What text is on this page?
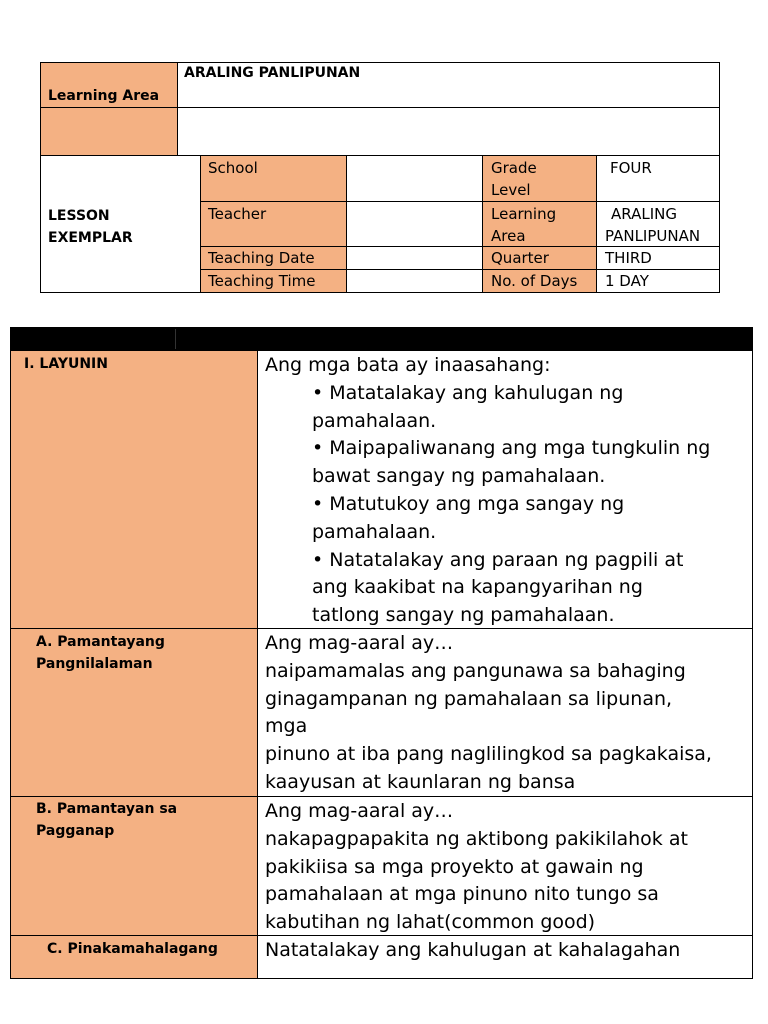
Learning Area
ARALING PANLIPUNAN
LESSON
EXEMPLAR
School
Teacher
Teaching Date
Teaching Time
Grade
Level
Learning
Area
Quarter
No. of Days
FOUR
ARALING
PANLIPUNAN
THIRD
1 DAY
I. LAYUNIN	Ang mga bata ay inaasahang:
• Matatalakay ang kahulugan ng
pamahalaan.
• Maipapaliwanang ang mga tungkulin ng
bawat sangay ng pamahalaan.
• Matutukoy ang mga sangay ng
pamahalaan.
• Natatalakay ang paraan ng pagpili at
ang kaakibat na kapangyarihan ng
tatlong sangay ng pamahalaan.
A. Pamantayang
Pangnilalaman
Ang mag-aaral ay…
naipamamalas ang pangunawa sa bahaging
ginagampanan ng pamahalaan sa lipunan,
mga
pinuno at iba pang naglilingkod sa pagkakaisa,
kaayusan at kaunlaran ng bansa
B. Pamantayan sa
Pagganap
Ang mag-aaral ay…
nakapagpapakita ng aktibong pakikilahok at
pakikiisa sa mga proyekto at gawain ng
pamahalaan at mga pinuno nito tungo sa
kabutihan ng lahat(common good)
C. Pinakamahalagang Natatalakay ang kahulugan at kahalagahan
